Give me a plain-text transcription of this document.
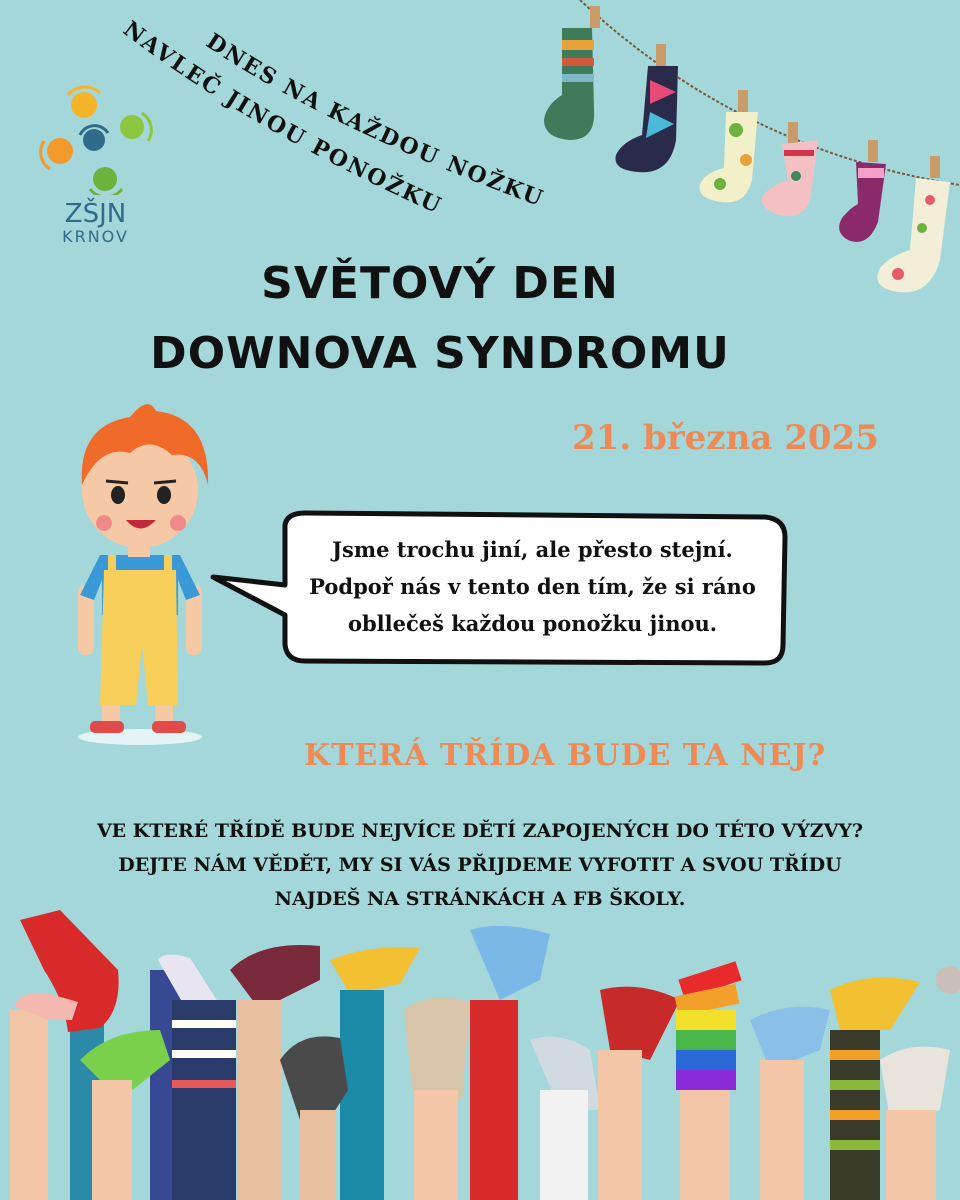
ZŠJN
KRNOV
DNES NA KAŽDOU NOŽKU
NAVLEČ JINOU PONOŽKU
SVĚTOVÝ DEN
DOWNOVA SYNDROMU
21. března 2025
Jsme trochu jiní, ale přesto stejní.
Podpoř nás v tento den tím, že si ráno
obllečeš každou ponožku jinou.
KTERÁ TŘÍDA BUDE TA NEJ?
VE KTERÉ TŘÍDĚ BUDE NEJVÍCE DĚTÍ ZAPOJENÝCH DO TÉTO VÝZVY?
DEJTE NÁM VĚDĚT, MY SI VÁS PŘIJDEME VYFOTIT A SVOU TŘÍDU
NAJDEŠ NA STRÁNKÁCH A FB ŠKOLY.
